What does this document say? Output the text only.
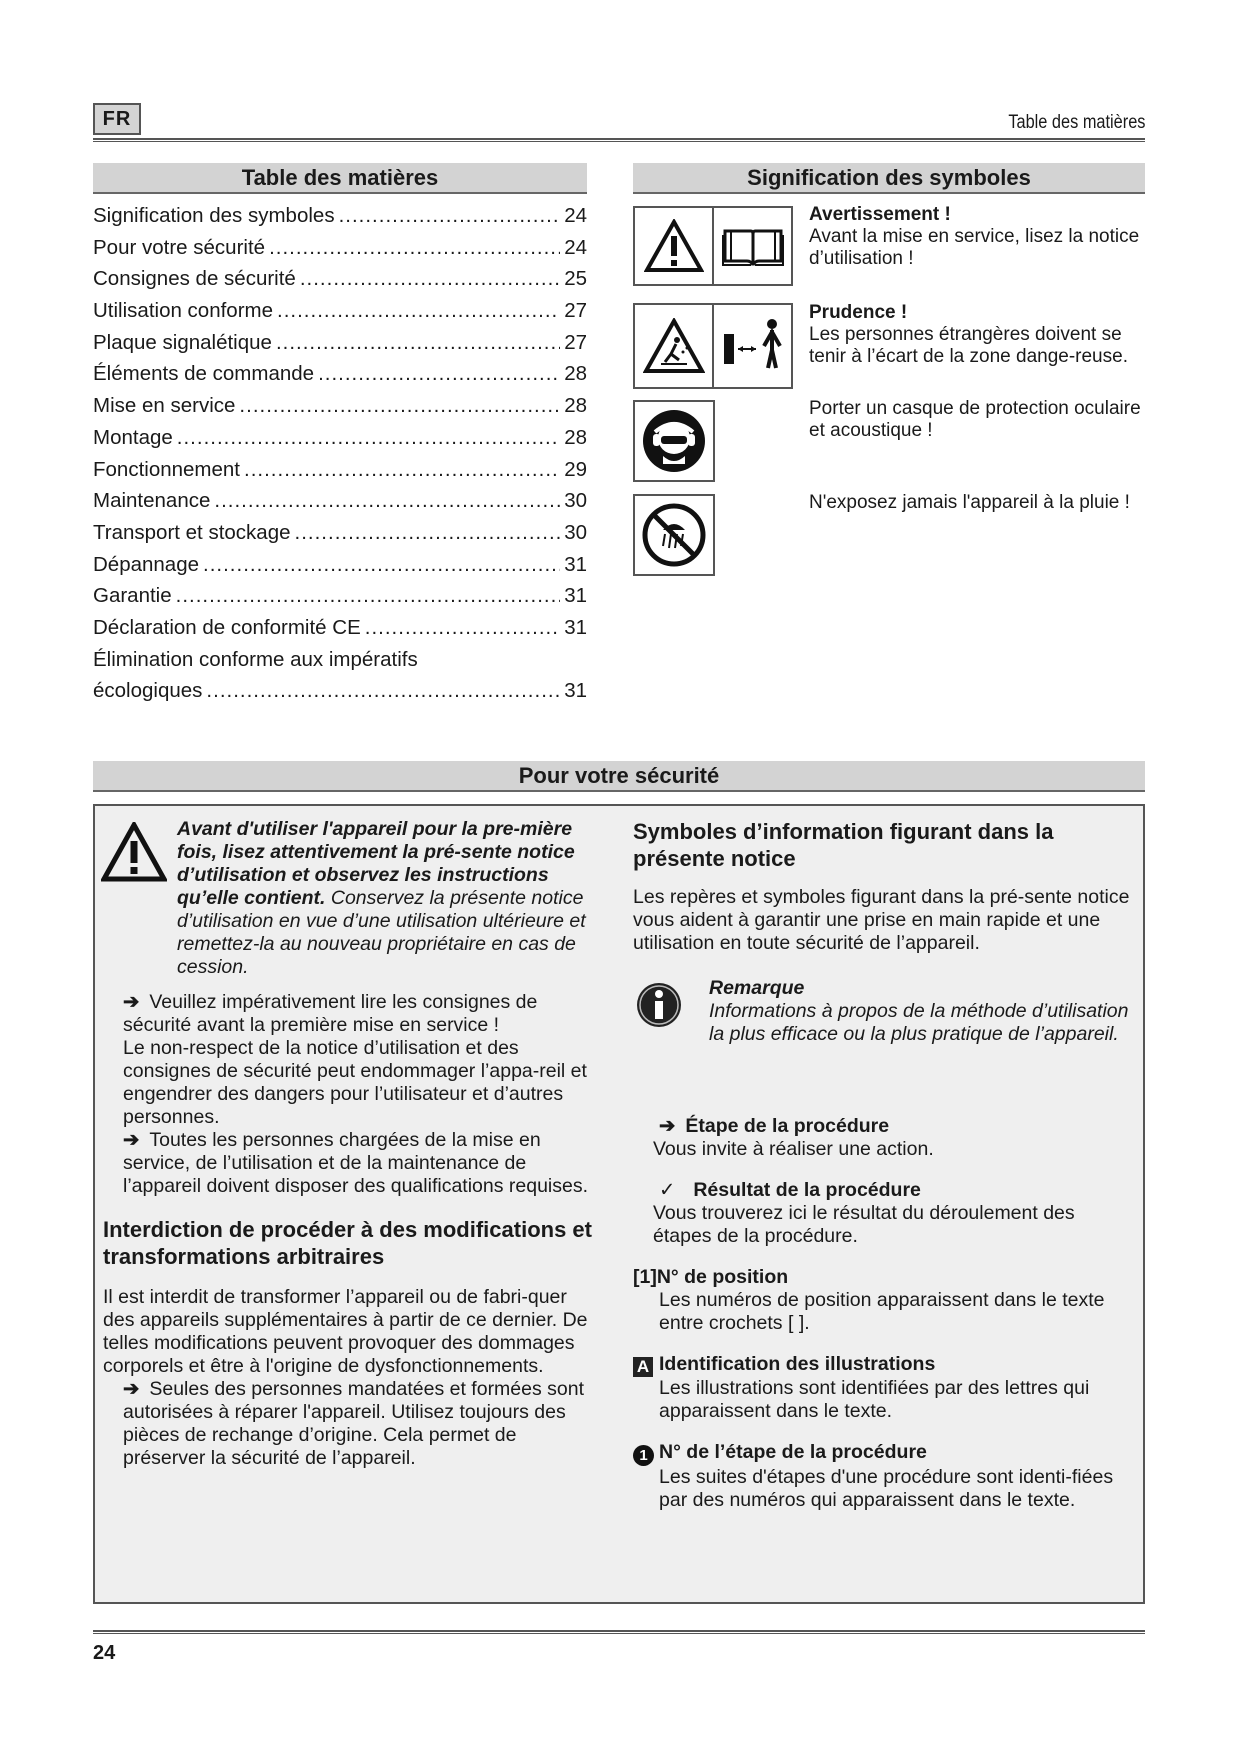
FR	Table des matières
Table des matières
Signification des symboles .....	24
Pour votre sécurité .....	24
Consignes de sécurité .....	25
Utilisation conforme .....	27
Plaque signalétique .....	27
Éléments de commande .....	28
Mise en service .....	28
Montage .....	28
Fonctionnement .....	29
Maintenance .....	30
Transport et stockage .....	30
Dépannage .....	31
Garantie .....	31
Déclaration de conformité CE .....	31
Élimination conforme aux impératifs
écologiques .....	31
Signification des symboles
Avertissement !
Avant la mise en service, lisez la notice d’utilisation !
Prudence !
Les personnes étrangères doivent se tenir à l’écart de la zone dange-reuse.
Porter un casque de protection oculaire et acoustique !
N'exposez jamais l'appareil à la pluie !
Pour votre sécurité
Avant d'utiliser l'appareil pour la pre-mière fois, lisez attentivement la pré-sente notice d’utilisation et observez les instructions qu’elle contient. Conservez la présente notice d’utilisation en vue d’une utilisation ultérieure et remettez-la au nouveau propriétaire en cas de cession.
➔ Veuillez impérativement lire les consignes de sécurité avant la première mise en service !
Le non-respect de la notice d’utilisation et des consignes de sécurité peut endommager l’appa-reil et engendrer des dangers pour l’utilisateur et d’autres personnes.
➔ Toutes les personnes chargées de la mise en service, de l’utilisation et de la maintenance de l’appareil doivent disposer des qualifications requises.
Interdiction de procéder à des modifications et transformations arbitraires
Il est interdit de transformer l’appareil ou de fabri-quer des appareils supplémentaires à partir de ce dernier. De telles modifications peuvent provoquer des dommages corporels et être à l'origine de dysfonctionnements.
➔ Seules des personnes mandatées et formées sont autorisées à réparer l'appareil. Utilisez toujours des pièces de rechange d’origine. Cela permet de préserver la sécurité de l’appareil.
Symboles d’information figurant dans la présente notice
Les repères et symboles figurant dans la pré-sente notice vous aident à garantir une prise en main rapide et une utilisation en toute sécurité de l’appareil.
Remarque
Informations à propos de la méthode d’utilisation la plus efficace ou la plus pratique de l’appareil.
➔ Étape de la procédure
Vous invite à réaliser une action.
✓ Résultat de la procédure
Vous trouverez ici le résultat du déroulement des étapes de la procédure.
[1]N° de position
Les numéros de position apparaissent dans le texte entre crochets [ ].
A Identification des illustrations
Les illustrations sont identifiées par des lettres qui apparaissent dans le texte.
1 N° de l’étape de la procédure
Les suites d'étapes d'une procédure sont identi-fiées par des numéros qui apparaissent dans le texte.
24
